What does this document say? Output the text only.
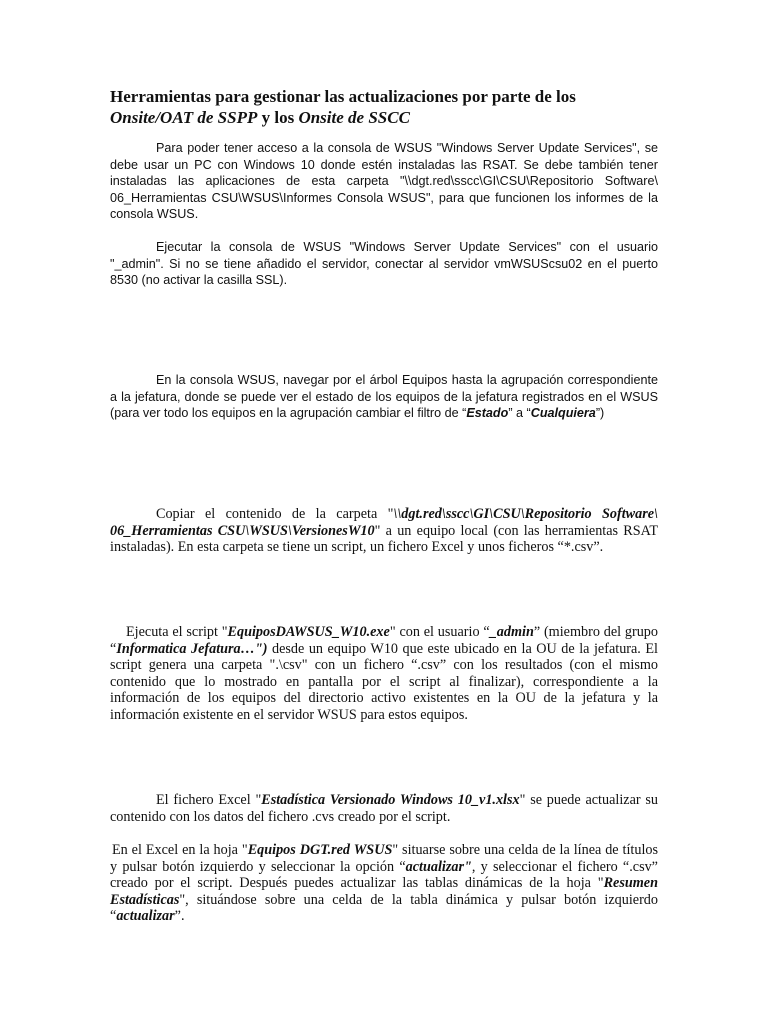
Herramientas para gestionar las actualizaciones por parte de los
Onsite/OAT de SSPP y los Onsite de SSCC
Para poder tener acceso a la consola de WSUS "Windows Server Update Services", se debe usar un PC con Windows 10 donde estén instaladas las RSAT. Se debe también tener instaladas las aplicaciones de esta carpeta "\\dgt.red\sscc\GI\CSU\Repositorio Software\ 06_Herramientas CSU\WSUS\Informes Consola WSUS", para que funcionen los informes de la consola WSUS.
Ejecutar la consola de WSUS "Windows Server Update Services" con el usuario "_admin". Si no se tiene añadido el servidor, conectar al servidor vmWSUScsu02 en el puerto 8530 (no activar la casilla SSL).
En la consola WSUS, navegar por el árbol Equipos hasta la agrupación correspondiente a la jefatura, donde se puede ver el estado de los equipos de la jefatura registrados en el WSUS (para ver todo los equipos en la agrupación cambiar el filtro de “Estado” a “Cualquiera”)
Copiar el contenido de la carpeta "\\dgt.red\sscc\GI\CSU\Repositorio Software\ 06_Herramientas CSU\WSUS\VersionesW10" a un equipo local (con las herramientas RSAT instaladas). En esta carpeta se tiene un script, un fichero Excel y unos ficheros “*.csv”.
Ejecuta el script "EquiposDAWSUS_W10.exe" con el usuario “_admin” (miembro del grupo “Informatica Jefatura…") desde un equipo W10 que este ubicado en la OU de la jefatura. El script genera una carpeta ".\csv" con un fichero “.csv” con los resultados (con el mismo contenido que lo mostrado en pantalla por el script al finalizar), correspondiente a la información de los equipos del directorio activo existentes en la OU de la jefatura y la información existente en el servidor WSUS para estos equipos.
El fichero Excel "Estadística Versionado Windows 10_v1.xlsx" se puede actualizar su contenido con los datos del fichero .cvs creado por el script.
En el Excel en la hoja "Equipos DGT.red WSUS" situarse sobre una celda de la línea de títulos y pulsar botón izquierdo y seleccionar la opción “actualizar", y seleccionar el fichero “.csv” creado por el script. Después puedes actualizar las tablas dinámicas de la hoja "Resumen Estadísticas", situándose sobre una celda de la tabla dinámica y pulsar botón izquierdo “actualizar”.
